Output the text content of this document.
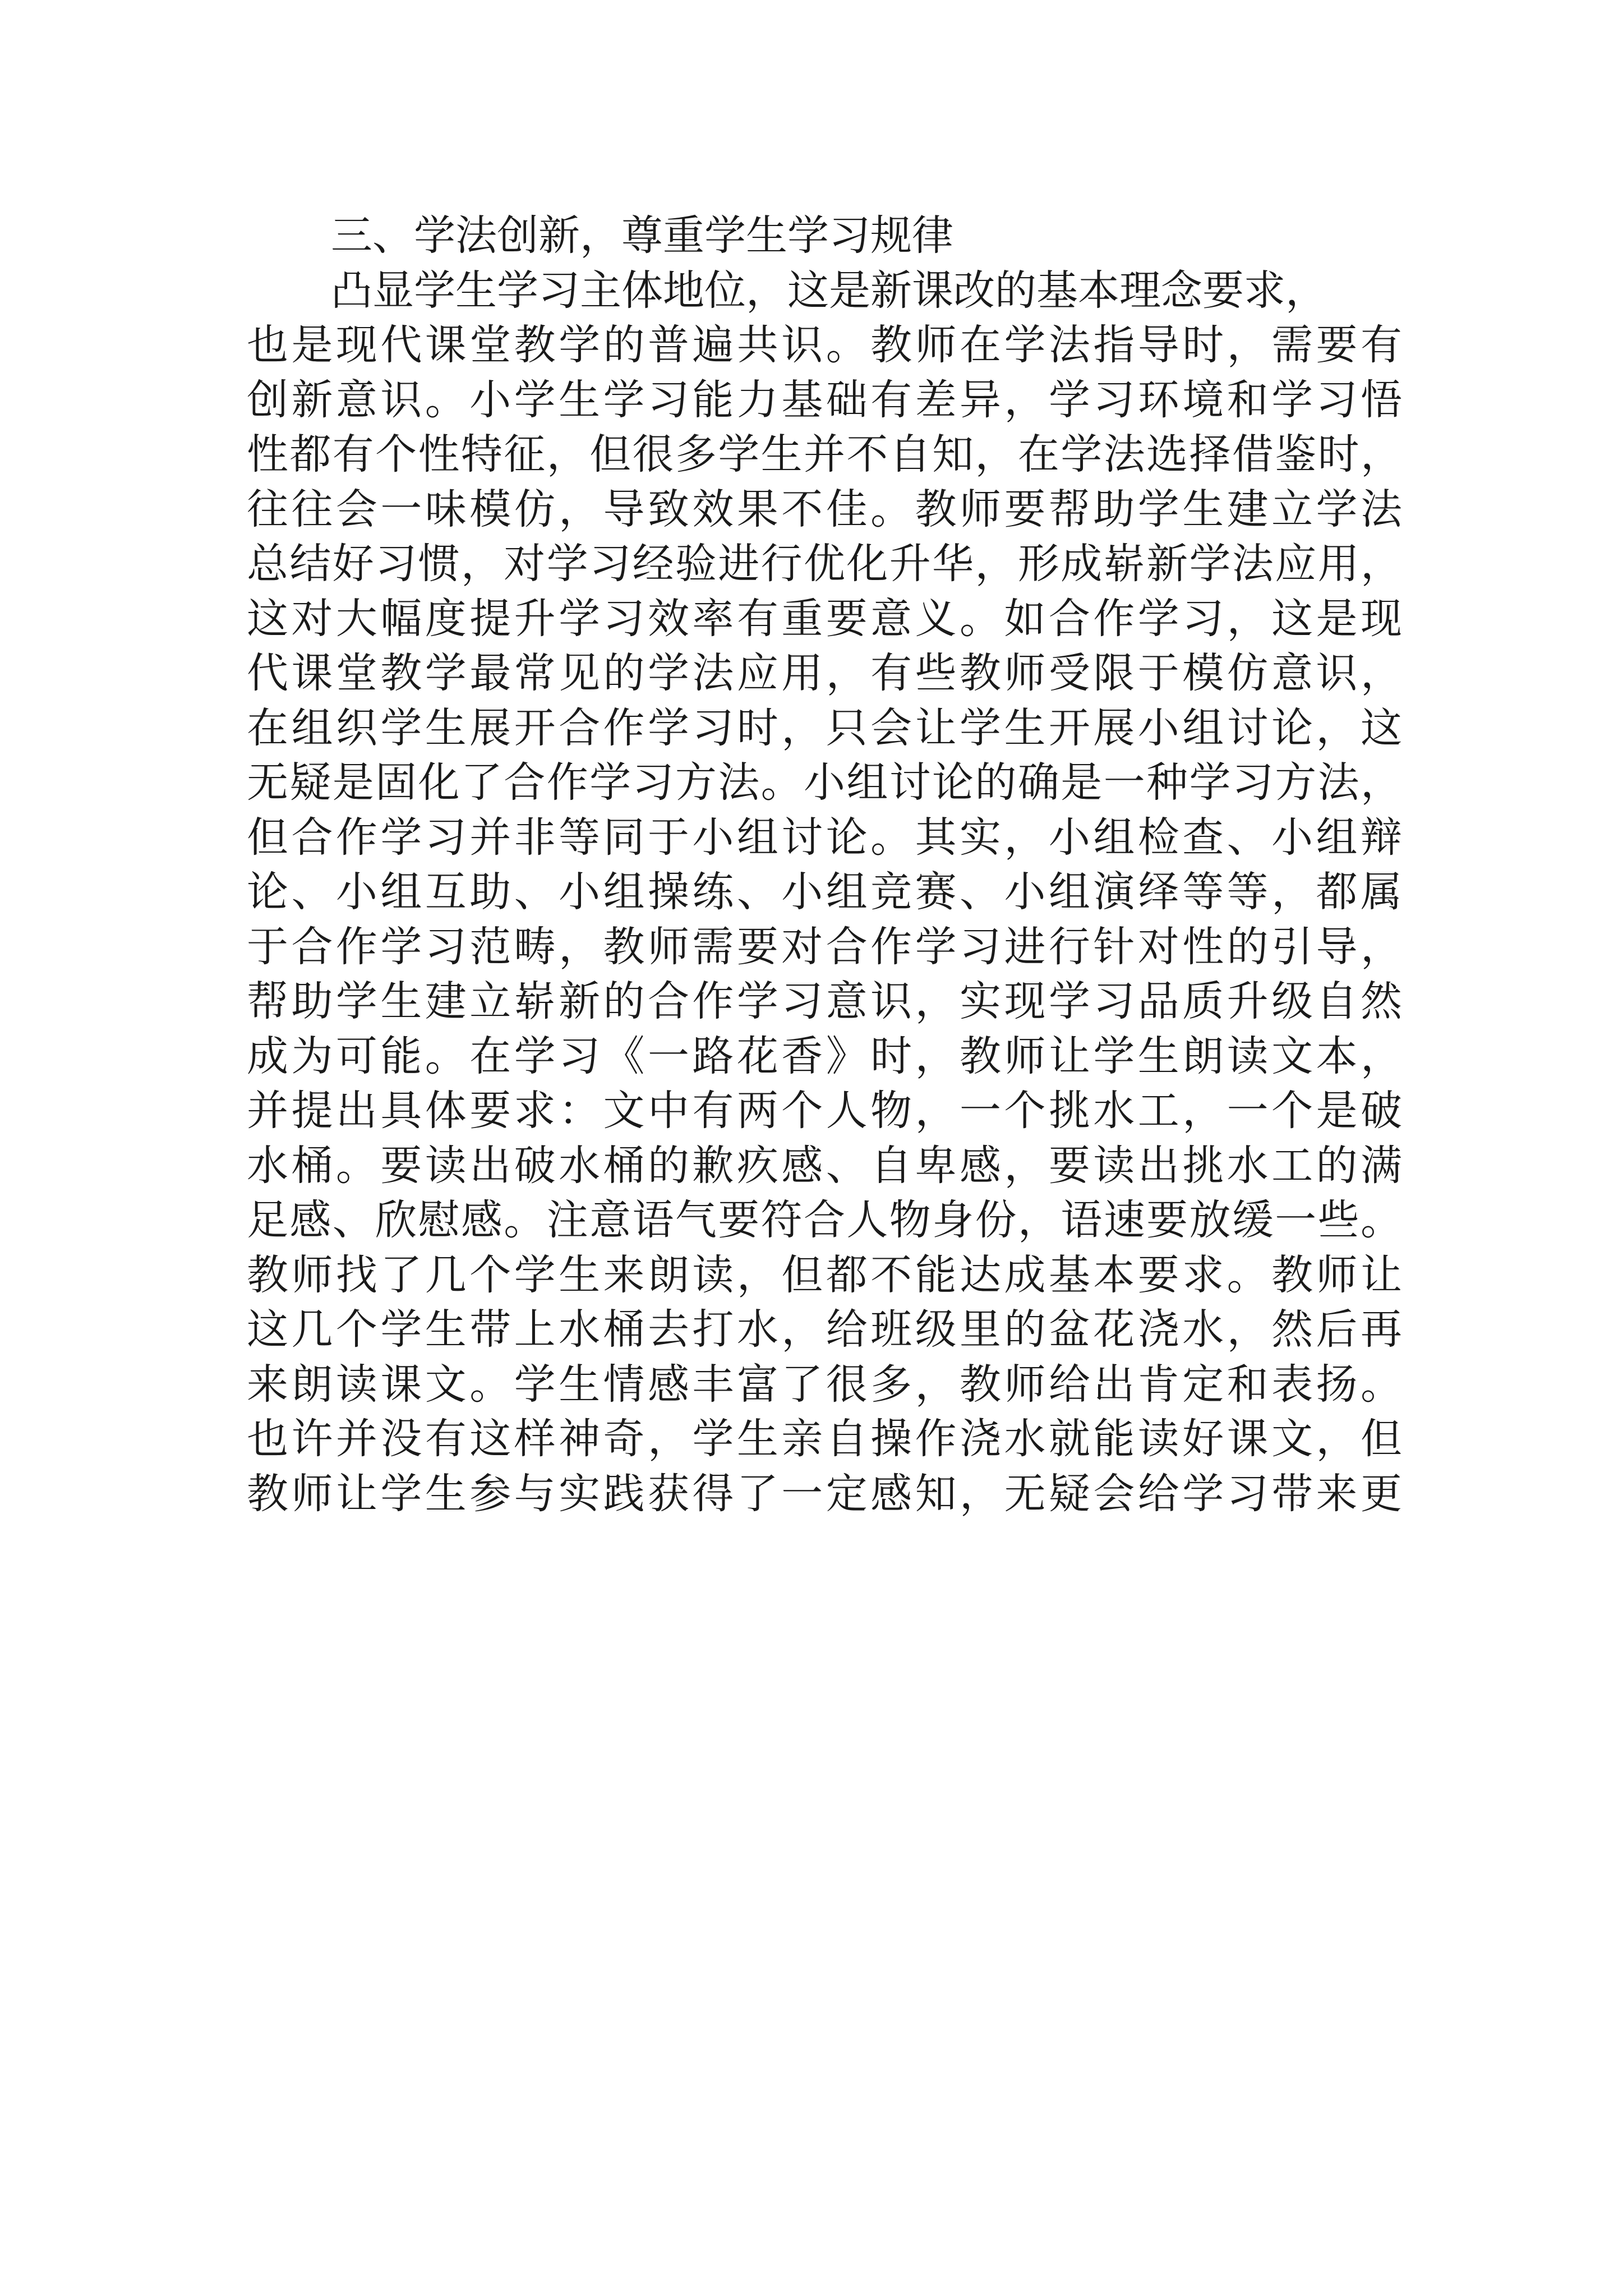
三、学法创新，尊重学生学习规律
凸显学生学习主体地位，这是新课改的基本理念要求，
也是现代课堂教学的普遍共识。教师在学法指导时，需要有
创新意识。小学生学习能力基础有差异，学习环境和学习悟
性都有个性特征，但很多学生并不自知，在学法选择借鉴时，
往往会一味模仿，导致效果不佳。教师要帮助学生建立学法
总结好习惯，对学习经验进行优化升华，形成崭新学法应用，
这对大幅度提升学习效率有重要意义。如合作学习，这是现
代课堂教学最常见的学法应用，有些教师受限于模仿意识，
在组织学生展开合作学习时，只会让学生开展小组讨论，这
无疑是固化了合作学习方法。小组讨论的确是一种学习方法，
但合作学习并非等同于小组讨论。其实，小组检查、小组辩
论、小组互助、小组操练、小组竞赛、小组演绎等等，都属
于合作学习范畴，教师需要对合作学习进行针对性的引导，
帮助学生建立崭新的合作学习意识，实现学习品质升级自然
成为可能。在学习《一路花香》时，教师让学生朗读文本，
并提出具体要求：文中有两个人物，一个挑水工，一个是破
水桶。要读出破水桶的歉疚感、自卑感，要读出挑水工的满
足感、欣慰感。注意语气要符合人物身份，语速要放缓一些。
教师找了几个学生来朗读，但都不能达成基本要求。教师让
这几个学生带上水桶去打水，给班级里的盆花浇水，然后再
来朗读课文。学生情感丰富了很多，教师给出肯定和表扬。
也许并没有这样神奇，学生亲自操作浇水就能读好课文，但
教师让学生参与实践获得了一定感知，无疑会给学习带来更
